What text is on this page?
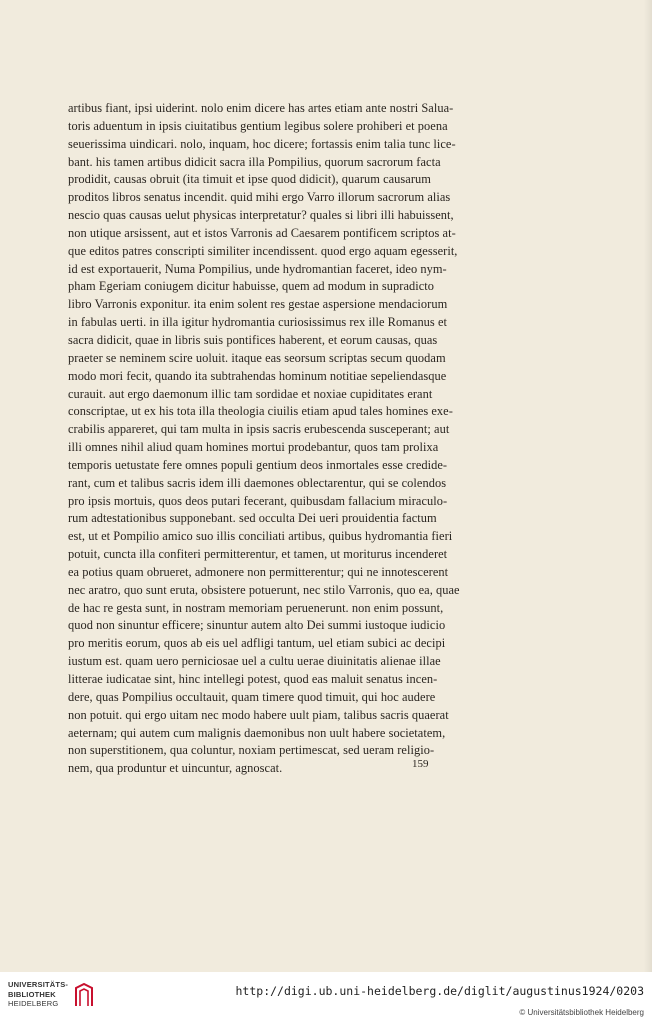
artibus fiant, ipsi uiderint. nolo enim dicere has artes etiam ante nostri Salua-
toris aduentum in ipsis ciuitatibus gentium legibus solere prohiberi et poena
seuerissima uindicari. nolo, inquam, hoc dicere; fortassis enim talia tunc lice-
bant. his tamen artibus didicit sacra illa Pompilius, quorum sacrorum facta
prodidit, causas obruit (ita timuit et ipse quod didicit), quarum causarum
proditos libros senatus incendit. quid mihi ergo Varro illorum sacrorum alias
nescio quas causas uelut physicas interpretatur? quales si libri illi habuissent,
non utique arsissent, aut et istos Varronis ad Caesarem pontificem scriptos at-
que editos patres conscripti similiter incendissent. quod ergo aquam egesserit,
id est exportauerit, Numa Pompilius, unde hydromantian faceret, ideo nym-
pham Egeriam coniugem dicitur habuisse, quem ad modum in supradicto
libro Varronis exponitur. ita enim solent res gestae aspersione mendaciorum
in fabulas uerti. in illa igitur hydromantia curiosissimus rex ille Romanus et
sacra didicit, quae in libris suis pontifices haberent, et eorum causas, quas
praeter se neminem scire uoluit. itaque eas seorsum scriptas secum quodam
modo mori fecit, quando ita subtrahendas hominum notitiae sepeliendasque
curauit. aut ergo daemonum illic tam sordidae et noxiae cupiditates erant
conscriptae, ut ex his tota illa theologia ciuilis etiam apud tales homines exe-
crabilis appareret, qui tam multa in ipsis sacris erubescenda susceperant; aut
illi omnes nihil aliud quam homines mortui prodebantur, quos tam prolixa
temporis uetustate fere omnes populi gentium deos inmortales esse credide-
rant, cum et talibus sacris idem illi daemones oblectarentur, qui se colendos
pro ipsis mortuis, quos deos putari fecerant, quibusdam fallacium miraculo-
rum adtestationibus supponebant. sed occulta Dei ueri prouidentia factum
est, ut et Pompilio amico suo illis conciliati artibus, quibus hydromantia fieri
potuit, cuncta illa confiteri permitterentur, et tamen, ut moriturus incenderet
ea potius quam obrueret, admonere non permitterentur; qui ne innotescerent
nec aratro, quo sunt eruta, obsistere potuerunt, nec stilo Varronis, quo ea, quae
de hac re gesta sunt, in nostram memoriam peruenerunt. non enim possunt,
quod non sinuntur efficere; sinuntur autem alto Dei summi iustoque iudicio
pro meritis eorum, quos ab eis uel adfligi tantum, uel etiam subici ac decipi
iustum est. quam uero perniciosae uel a cultu uerae diuinitatis alienae illae
litterae iudicatae sint, hinc intellegi potest, quod eas maluit senatus incen-
dere, quas Pompilius occultauit, quam timere quod timuit, qui hoc audere
non potuit. qui ergo uitam nec modo habere uult piam, talibus sacris quaerat
aeternam; qui autem cum malignis daemonibus non uult habere societatem,
non superstitionem, qua coluntur, noxiam pertimescat, sed ueram religio-
nem, qua produntur et uincuntur, agnoscat.	159
UNIVERSITÄTS-
BIBLIOTHEK
HEIDELBERG
http://digi.ub.uni-heidelberg.de/diglit/augustinus1924/0203
© Universitätsbibliothek Heidelberg
